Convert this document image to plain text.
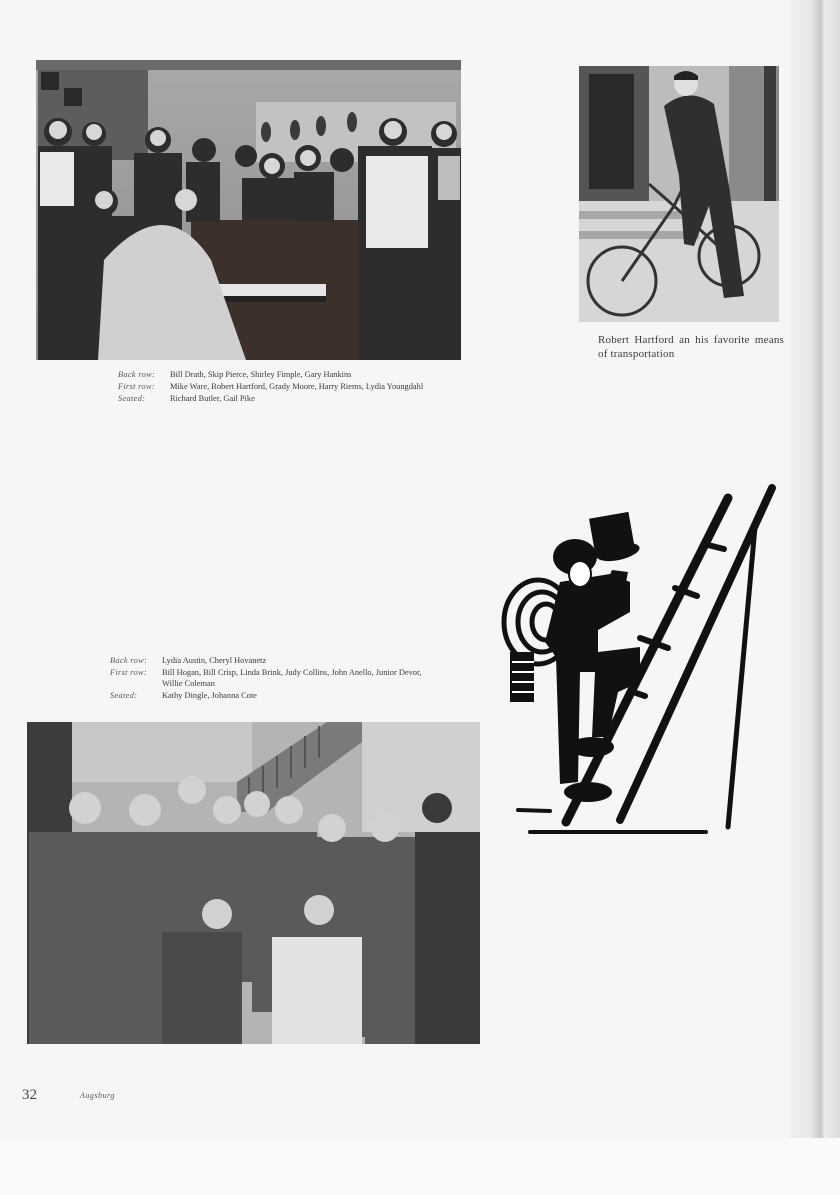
Back row:	Bill Drath, Skip Pierce, Shirley Fimple, Gary Hankins
First row:	Mike Ware, Robert Hartford, Grady Moore, Harry Riems, Lydia Youngdahl
Seated:	Richard Butler, Gail Pike
Robert Hartford an his favorite means of transportation
Back row:	Lydia Austin, Cheryl Hovanetz
First row:	Bill Hogan, Bill Crisp, Linda Brink, Judy Collins, John Anello, Junior Devor, Willie Coleman
Seated:	Kathy Dingle, Johanna Cote
32	Augsburg
